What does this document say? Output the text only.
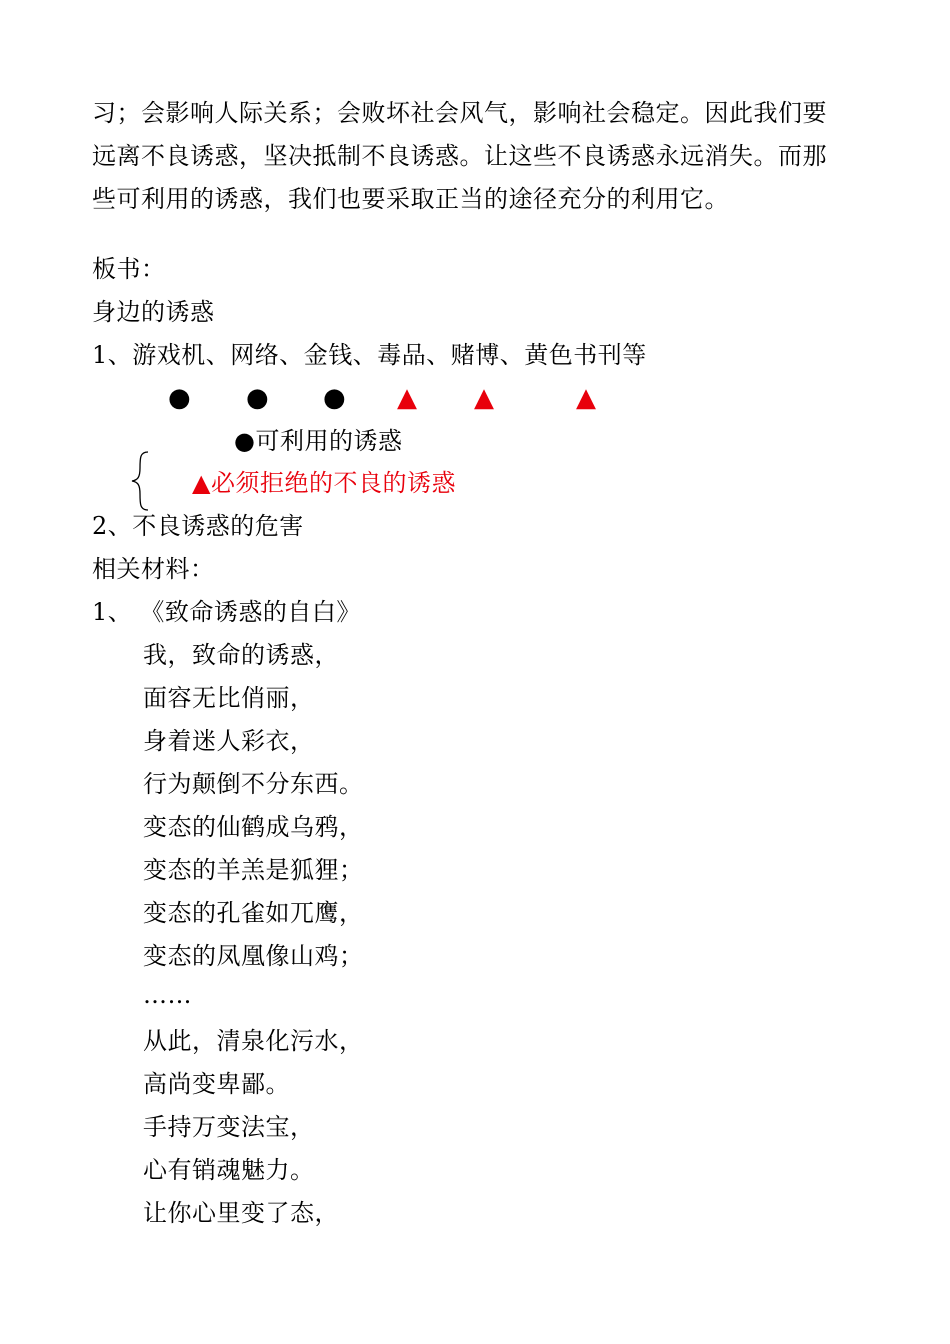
习；会影响人际关系；会败坏社会风气，影响社会稳定。因此我们要
远离不良诱惑，坚决抵制不良诱惑。让这些不良诱惑永远消失。而那
些可利用的诱惑，我们也要采取正当的途径充分的利用它。
板书：
身边的诱惑
1、游戏机、网络、金钱、毒品、赌博、黄色书刊等
● ● ● ▲ ▲	▲
●可利用的诱惑
▲必须拒绝的不良的诱惑
2、不良诱惑的危害
相关材料：
1、 《致命诱惑的自白》
我，致命的诱惑，
面容无比俏丽，
身着迷人彩衣，
行为颠倒不分东西。
变态的仙鹤成乌鸦，
变态的羊羔是狐狸；
变态的孔雀如兀鹰，
变态的凤凰像山鸡；
……
从此，清泉化污水，
高尚变卑鄙。
手持万变法宝，
心有销魂魅力。
让你心里变了态，
